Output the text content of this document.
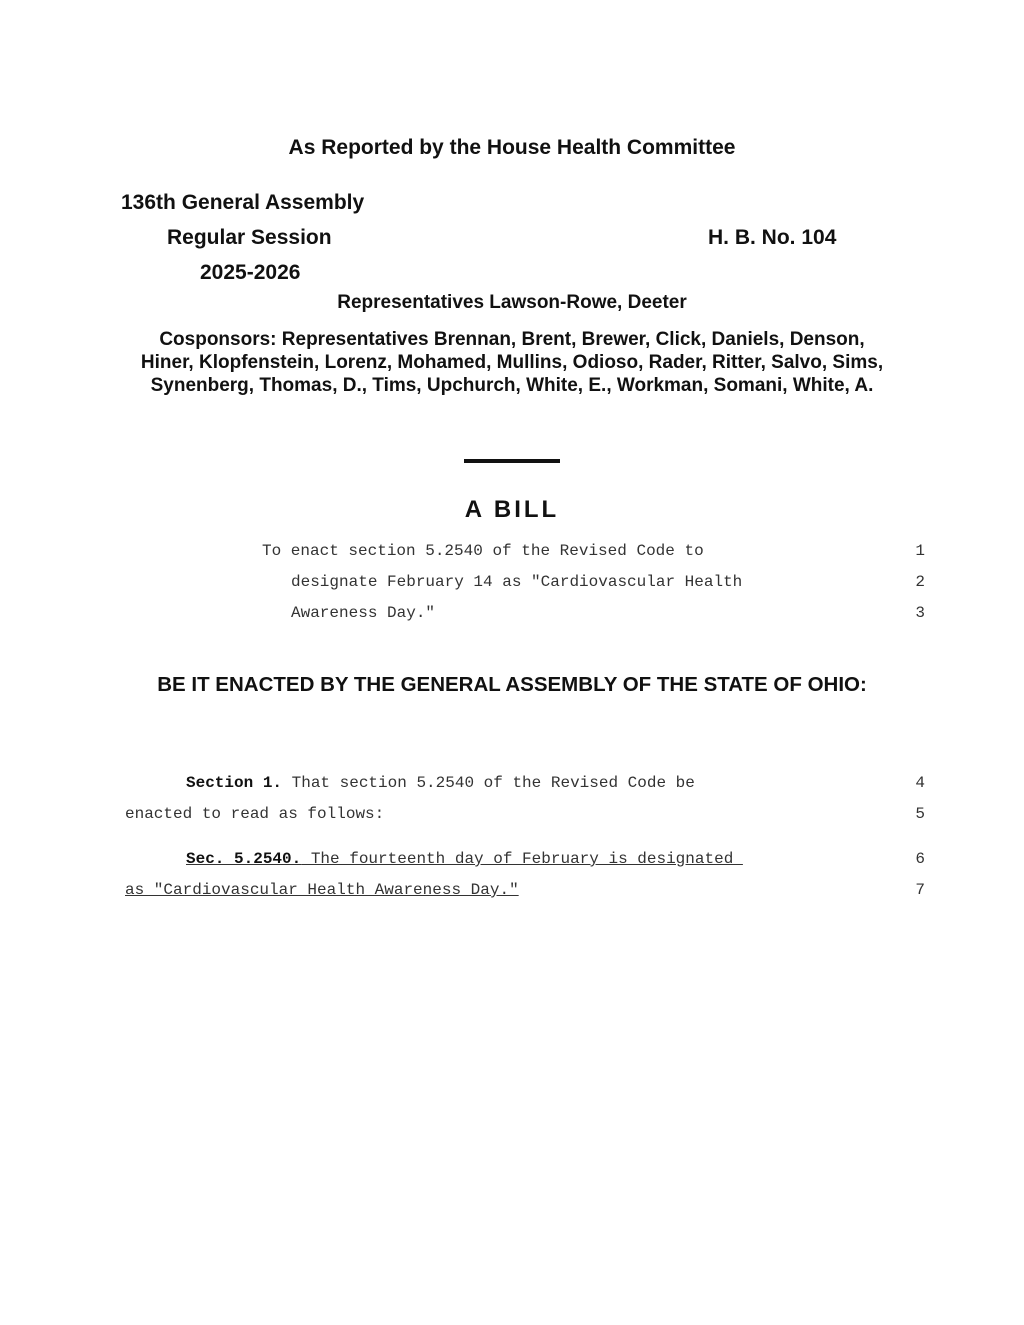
As Reported by the House Health Committee
136th General Assembly
Regular Session	H. B. No. 104
2025-2026
Representatives Lawson-Rowe, Deeter
Cosponsors: Representatives Brennan, Brent, Brewer, Click, Daniels, Denson, Hiner, Klopfenstein, Lorenz, Mohamed, Mullins, Odioso, Rader, Ritter, Salvo, Sims, Synenberg, Thomas, D., Tims, Upchurch, White, E., Workman, Somani, White, A.
A BILL
To enact section 5.2540 of the Revised Code to	1
designate February 14 as "Cardiovascular Health	2
Awareness Day."	3
BE IT ENACTED BY THE GENERAL ASSEMBLY OF THE STATE OF OHIO:
Section 1. That section 5.2540 of the Revised Code be	4
enacted to read as follows:	5
Sec. 5.2540. The fourteenth day of February is designated	6
as "Cardiovascular Health Awareness Day."	7
